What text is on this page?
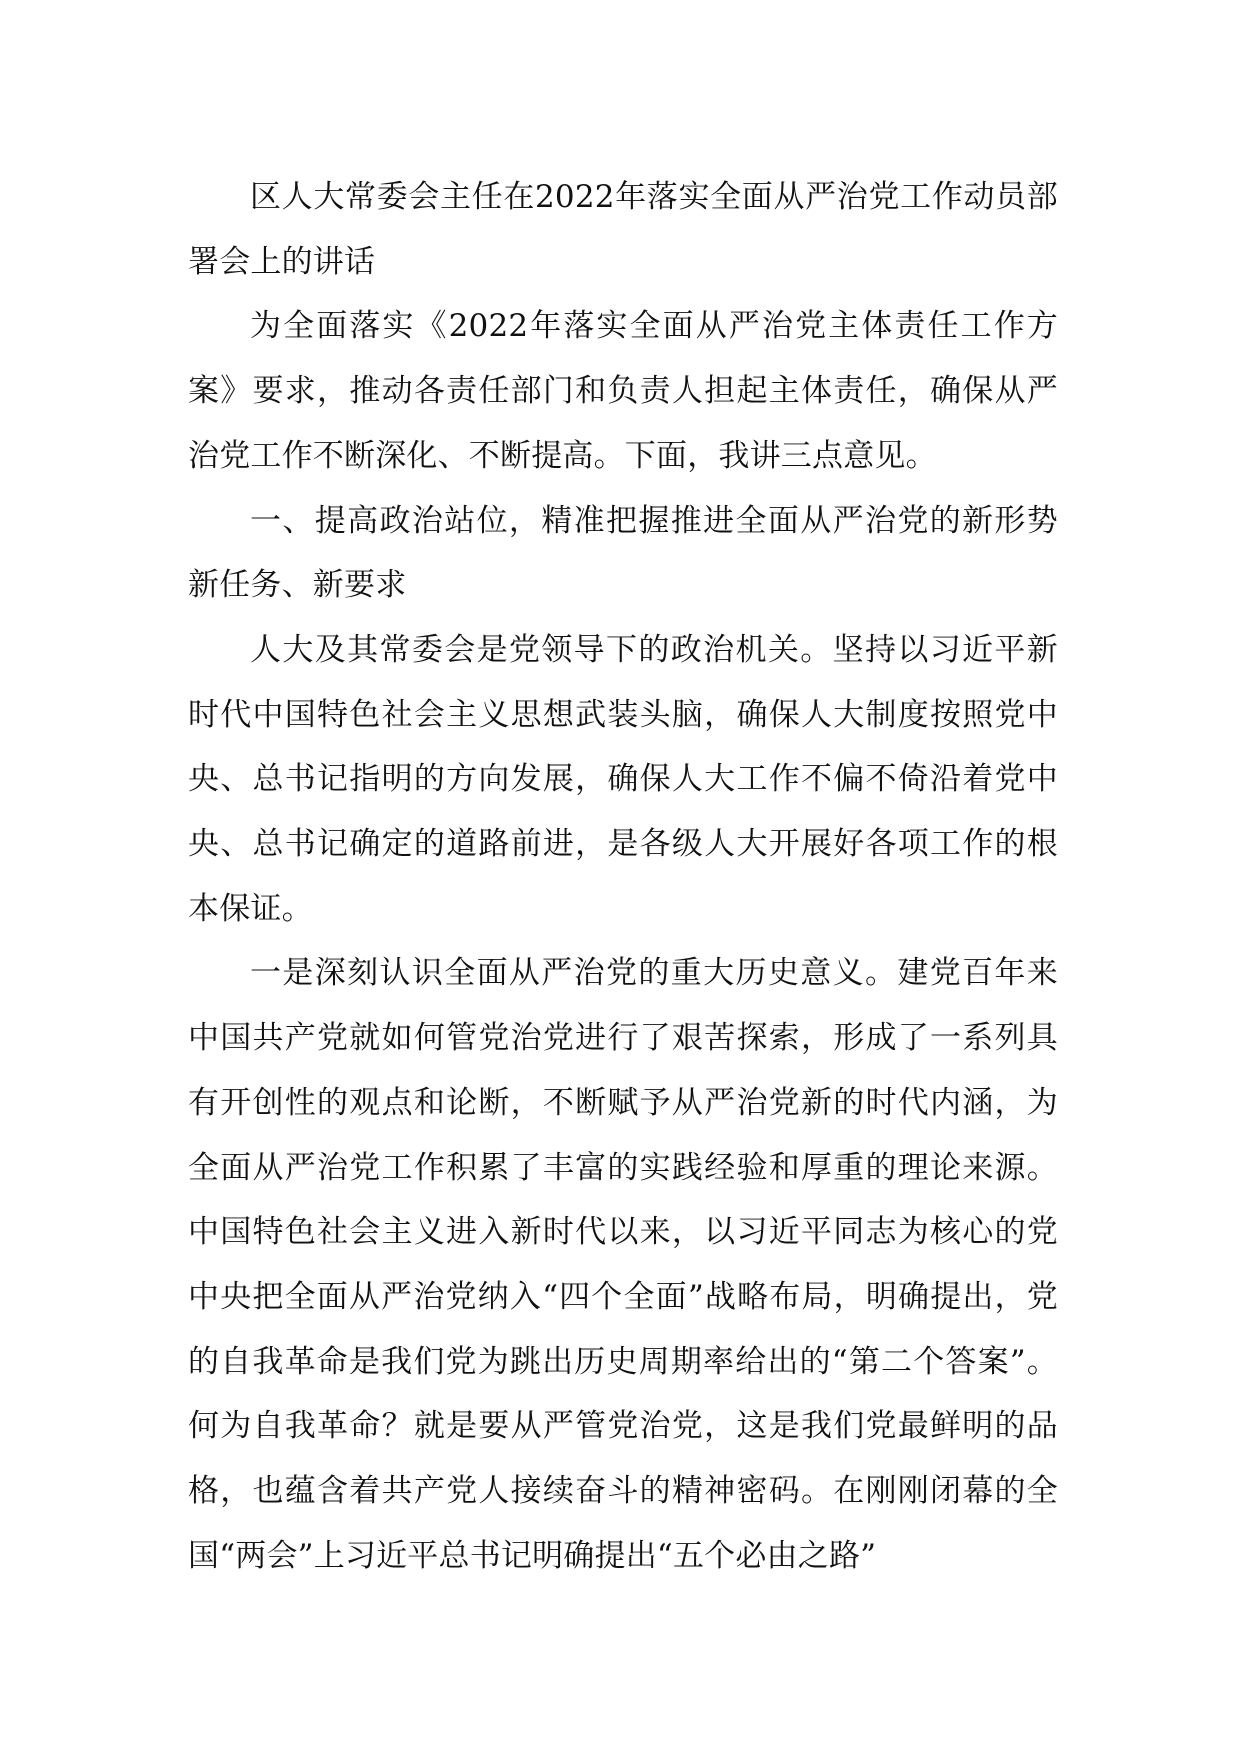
区人大常委会主任在2022年落实全面从严治党工作动员部署会上的讲话

为全面落实《2022年落实全面从严治党主体责任工作方案》要求，推动各责任部门和负责人担起主体责任，确保从严治党工作不断深化、不断提高。下面，我讲三点意见。

一、提高政治站位，精准把握推进全面从严治党的新形势新任务、新要求

人大及其常委会是党领导下的政治机关。坚持以习近平新时代中国特色社会主义思想武装头脑，确保人大制度按照党中央、总书记指明的方向发展，确保人大工作不偏不倚沿着党中央、总书记确定的道路前进，是各级人大开展好各项工作的根本保证。

一是深刻认识全面从严治党的重大历史意义。建党百年来中国共产党就如何管党治党进行了艰苦探索，形成了一系列具有开创性的观点和论断，不断赋予从严治党新的时代内涵，为全面从严治党工作积累了丰富的实践经验和厚重的理论来源。中国特色社会主义进入新时代以来，以习近平同志为核心的党中央把全面从严治党纳入“四个全面”战略布局，明确提出，党的自我革命是我们党为跳出历史周期率给出的“第二个答案”。何为自我革命？就是要从严管党治党，这是我们党最鲜明的品格，也蕴含着共产党人接续奋斗的精神密码。在刚刚闭幕的全国“两会”上习近平总书记明确提出“五个必由之路”
